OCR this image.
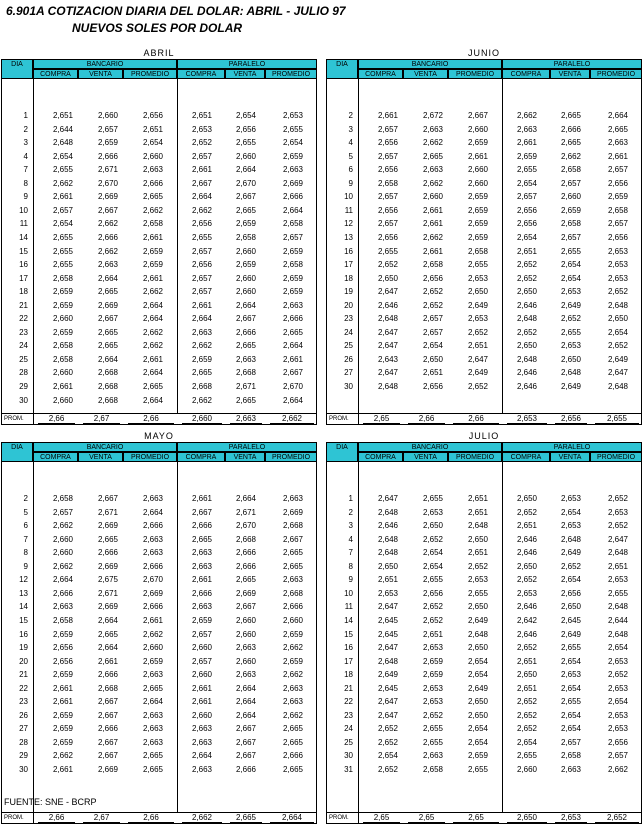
6.901A COTIZACION DIARIA DEL DOLAR: ABRIL - JULIO 97
NUEVOS SOLES POR DOLAR
ABRIL
DIA	BANCARIO	PARALELO
COMPRA	VENTA	PROMEDIO	COMPRA	VENTA	PROMEDIO
1	2,651	2,660	2,656	2,651	2,654	2,653
2	2,644	2,657	2,651	2,653	2,656	2,655
3	2,648	2,659	2,654	2,652	2,655	2,654
4	2,654	2,666	2,660	2,657	2,660	2,659
7	2,655	2,671	2,663	2,661	2,664	2,663
8	2,662	2,670	2,666	2,667	2,670	2,669
9	2,661	2,669	2,665	2,664	2,667	2,666
10	2,657	2,667	2,662	2,662	2,665	2,664
11	2,654	2,662	2,658	2,656	2,659	2,658
14	2,655	2,666	2,661	2,655	2,658	2,657
15	2,655	2,662	2,659	2,657	2,660	2,659
16	2,655	2,663	2,659	2,656	2,659	2,658
17	2,658	2,664	2,661	2,657	2,660	2,659
18	2,659	2,665	2,662	2,657	2,660	2,659
21	2,659	2,669	2,664	2,661	2,664	2,663
22	2,660	2,667	2,664	2,664	2,667	2,666
23	2,659	2,665	2,662	2,663	2,666	2,665
24	2,658	2,665	2,662	2,662	2,665	2,664
25	2,658	2,664	2,661	2,659	2,663	2,661
28	2,660	2,668	2,664	2,665	2,668	2,667
29	2,661	2,668	2,665	2,668	2,671	2,670
30	2,660	2,668	2,664	2,662	2,665	2,664
PROM.	2,66	2,67	2,66	2,660	2,663	2,662
JUNIO
DIA	BANCARIO	PARALELO
COMPRA	VENTA	PROMEDIO	COMPRA	VENTA	PROMEDIO
2	2,661	2,672	2,667	2,662	2,665	2,664
3	2,657	2,663	2,660	2,663	2,666	2,665
4	2,656	2,662	2,659	2,661	2,665	2,663
5	2,657	2,665	2,661	2,659	2,662	2,661
6	2,656	2,663	2,660	2,655	2,658	2,657
9	2,658	2,662	2,660	2,654	2,657	2,656
10	2,657	2,660	2,659	2,657	2,660	2,659
11	2,656	2,661	2,659	2,656	2,659	2,658
12	2,657	2,661	2,659	2,656	2,658	2,657
13	2,656	2,662	2,659	2,654	2,657	2,656
16	2,655	2,661	2,658	2,651	2,655	2,653
17	2,652	2,658	2,655	2,652	2,654	2,653
18	2,650	2,656	2,653	2,652	2,654	2,653
19	2,647	2,652	2,650	2,650	2,653	2,652
20	2,646	2,652	2,649	2,646	2,649	2,648
23	2,648	2,657	2,653	2,648	2,652	2,650
24	2,647	2,657	2,652	2,652	2,655	2,654
25	2,647	2,654	2,651	2,650	2,653	2,652
26	2,643	2,650	2,647	2,648	2,650	2,649
27	2,647	2,651	2,649	2,646	2,648	2,647
30	2,648	2,656	2,652	2,646	2,649	2,648
PROM.	2,65	2,66	2,66	2,653	2,656	2,655
MAYO
DIA	BANCARIO	PARALELO
COMPRA	VENTA	PROMEDIO	COMPRA	VENTA	PROMEDIO
2	2,658	2,667	2,663	2,661	2,664	2,663
5	2,657	2,671	2,664	2,667	2,671	2,669
6	2,662	2,669	2,666	2,666	2,670	2,668
7	2,660	2,665	2,663	2,665	2,668	2,667
8	2,660	2,666	2,663	2,663	2,666	2,665
9	2,662	2,669	2,666	2,663	2,666	2,665
12	2,664	2,675	2,670	2,661	2,665	2,663
13	2,666	2,671	2,669	2,666	2,669	2,668
14	2,663	2,669	2,666	2,663	2,667	2,666
15	2,658	2,664	2,661	2,659	2,660	2,660
16	2,659	2,665	2,662	2,657	2,660	2,659
19	2,656	2,664	2,660	2,660	2,663	2,662
20	2,656	2,661	2,659	2,657	2,660	2,659
21	2,659	2,666	2,663	2,660	2,663	2,662
22	2,661	2,668	2,665	2,661	2,664	2,663
23	2,661	2,667	2,664	2,661	2,664	2,663
26	2,659	2,667	2,663	2,660	2,664	2,662
27	2,659	2,666	2,663	2,663	2,667	2,665
28	2,659	2,667	2,663	2,663	2,667	2,665
29	2,662	2,667	2,665	2,664	2,667	2,666
30	2,661	2,669	2,665	2,663	2,666	2,665
PROM.	2,66	2,67	2,66	2,662	2,665	2,664
JULIO
DIA	BANCARIO	PARALELO
COMPRA	VENTA	PROMEDIO	COMPRA	VENTA	PROMEDIO
1	2,647	2,655	2,651	2,650	2,653	2,652
2	2,648	2,653	2,651	2,652	2,654	2,653
3	2,646	2,650	2,648	2,651	2,653	2,652
4	2,648	2,652	2,650	2,646	2,648	2,647
7	2,648	2,654	2,651	2,646	2,649	2,648
8	2,650	2,654	2,652	2,650	2,652	2,651
9	2,651	2,655	2,653	2,652	2,654	2,653
10	2,653	2,656	2,655	2,653	2,656	2,655
11	2,647	2,652	2,650	2,646	2,650	2,648
14	2,645	2,652	2,649	2,642	2,645	2,644
15	2,645	2,651	2,648	2,646	2,649	2,648
16	2,647	2,653	2,650	2,652	2,655	2,654
17	2,648	2,659	2,654	2,651	2,654	2,653
18	2,649	2,659	2,654	2,650	2,653	2,652
21	2,645	2,653	2,649	2,651	2,654	2,653
22	2,647	2,653	2,650	2,652	2,655	2,654
23	2,647	2,652	2,650	2,652	2,654	2,653
24	2,652	2,655	2,654	2,652	2,654	2,653
25	2,652	2,655	2,654	2,654	2,657	2,656
30	2,654	2,663	2,659	2,655	2,658	2,657
31	2,652	2,658	2,655	2,660	2,663	2,662
PROM.	2,65	2,65	2,65	2,650	2,653	2,652
FUENTE: SNE - BCRP
